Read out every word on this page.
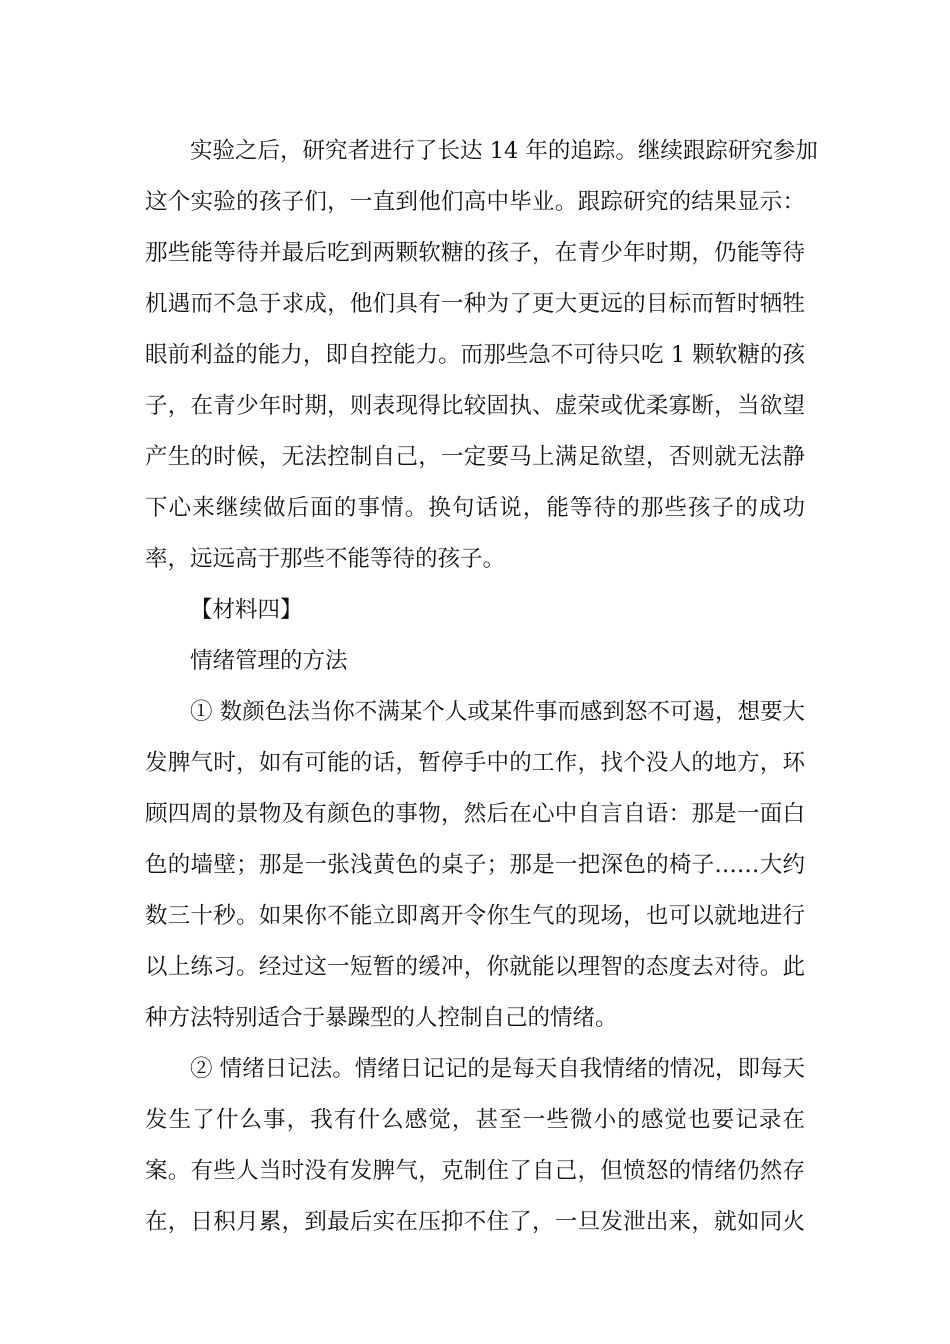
实验之后，研究者进行了长达 14 年的追踪。继续跟踪研究参加
这个实验的孩子们，一直到他们高中毕业。跟踪研究的结果显示：
那些能等待并最后吃到两颗软糖的孩子，在青少年时期，仍能等待
机遇而不急于求成，他们具有一种为了更大更远的目标而暂时牺牲
眼前利益的能力，即自控能力。而那些急不可待只吃 1 颗软糖的孩
子，在青少年时期，则表现得比较固执、虚荣或优柔寡断，当欲望
产生的时候，无法控制自己，一定要马上满足欲望，否则就无法静
下心来继续做后面的事情。换句话说，能等待的那些孩子的成功
率，远远高于那些不能等待的孩子。
【材料四】
情绪管理的方法
① 数颜色法当你不满某个人或某件事而感到怒不可遏，想要大
发脾气时，如有可能的话，暂停手中的工作，找个没人的地方，环
顾四周的景物及有颜色的事物，然后在心中自言自语：那是一面白
色的墙壁；那是一张浅黄色的桌子；那是一把深色的椅子……大约
数三十秒。如果你不能立即离开令你生气的现场，也可以就地进行
以上练习。经过这一短暂的缓冲，你就能以理智的态度去对待。此
种方法特别适合于暴躁型的人控制自己的情绪。
② 情绪日记法。情绪日记记的是每天自我情绪的情况，即每天
发生了什么事，我有什么感觉，甚至一些微小的感觉也要记录在
案。有些人当时没有发脾气，克制住了自己，但愤怒的情绪仍然存
在，日积月累，到最后实在压抑不住了，一旦发泄出来，就如同火
